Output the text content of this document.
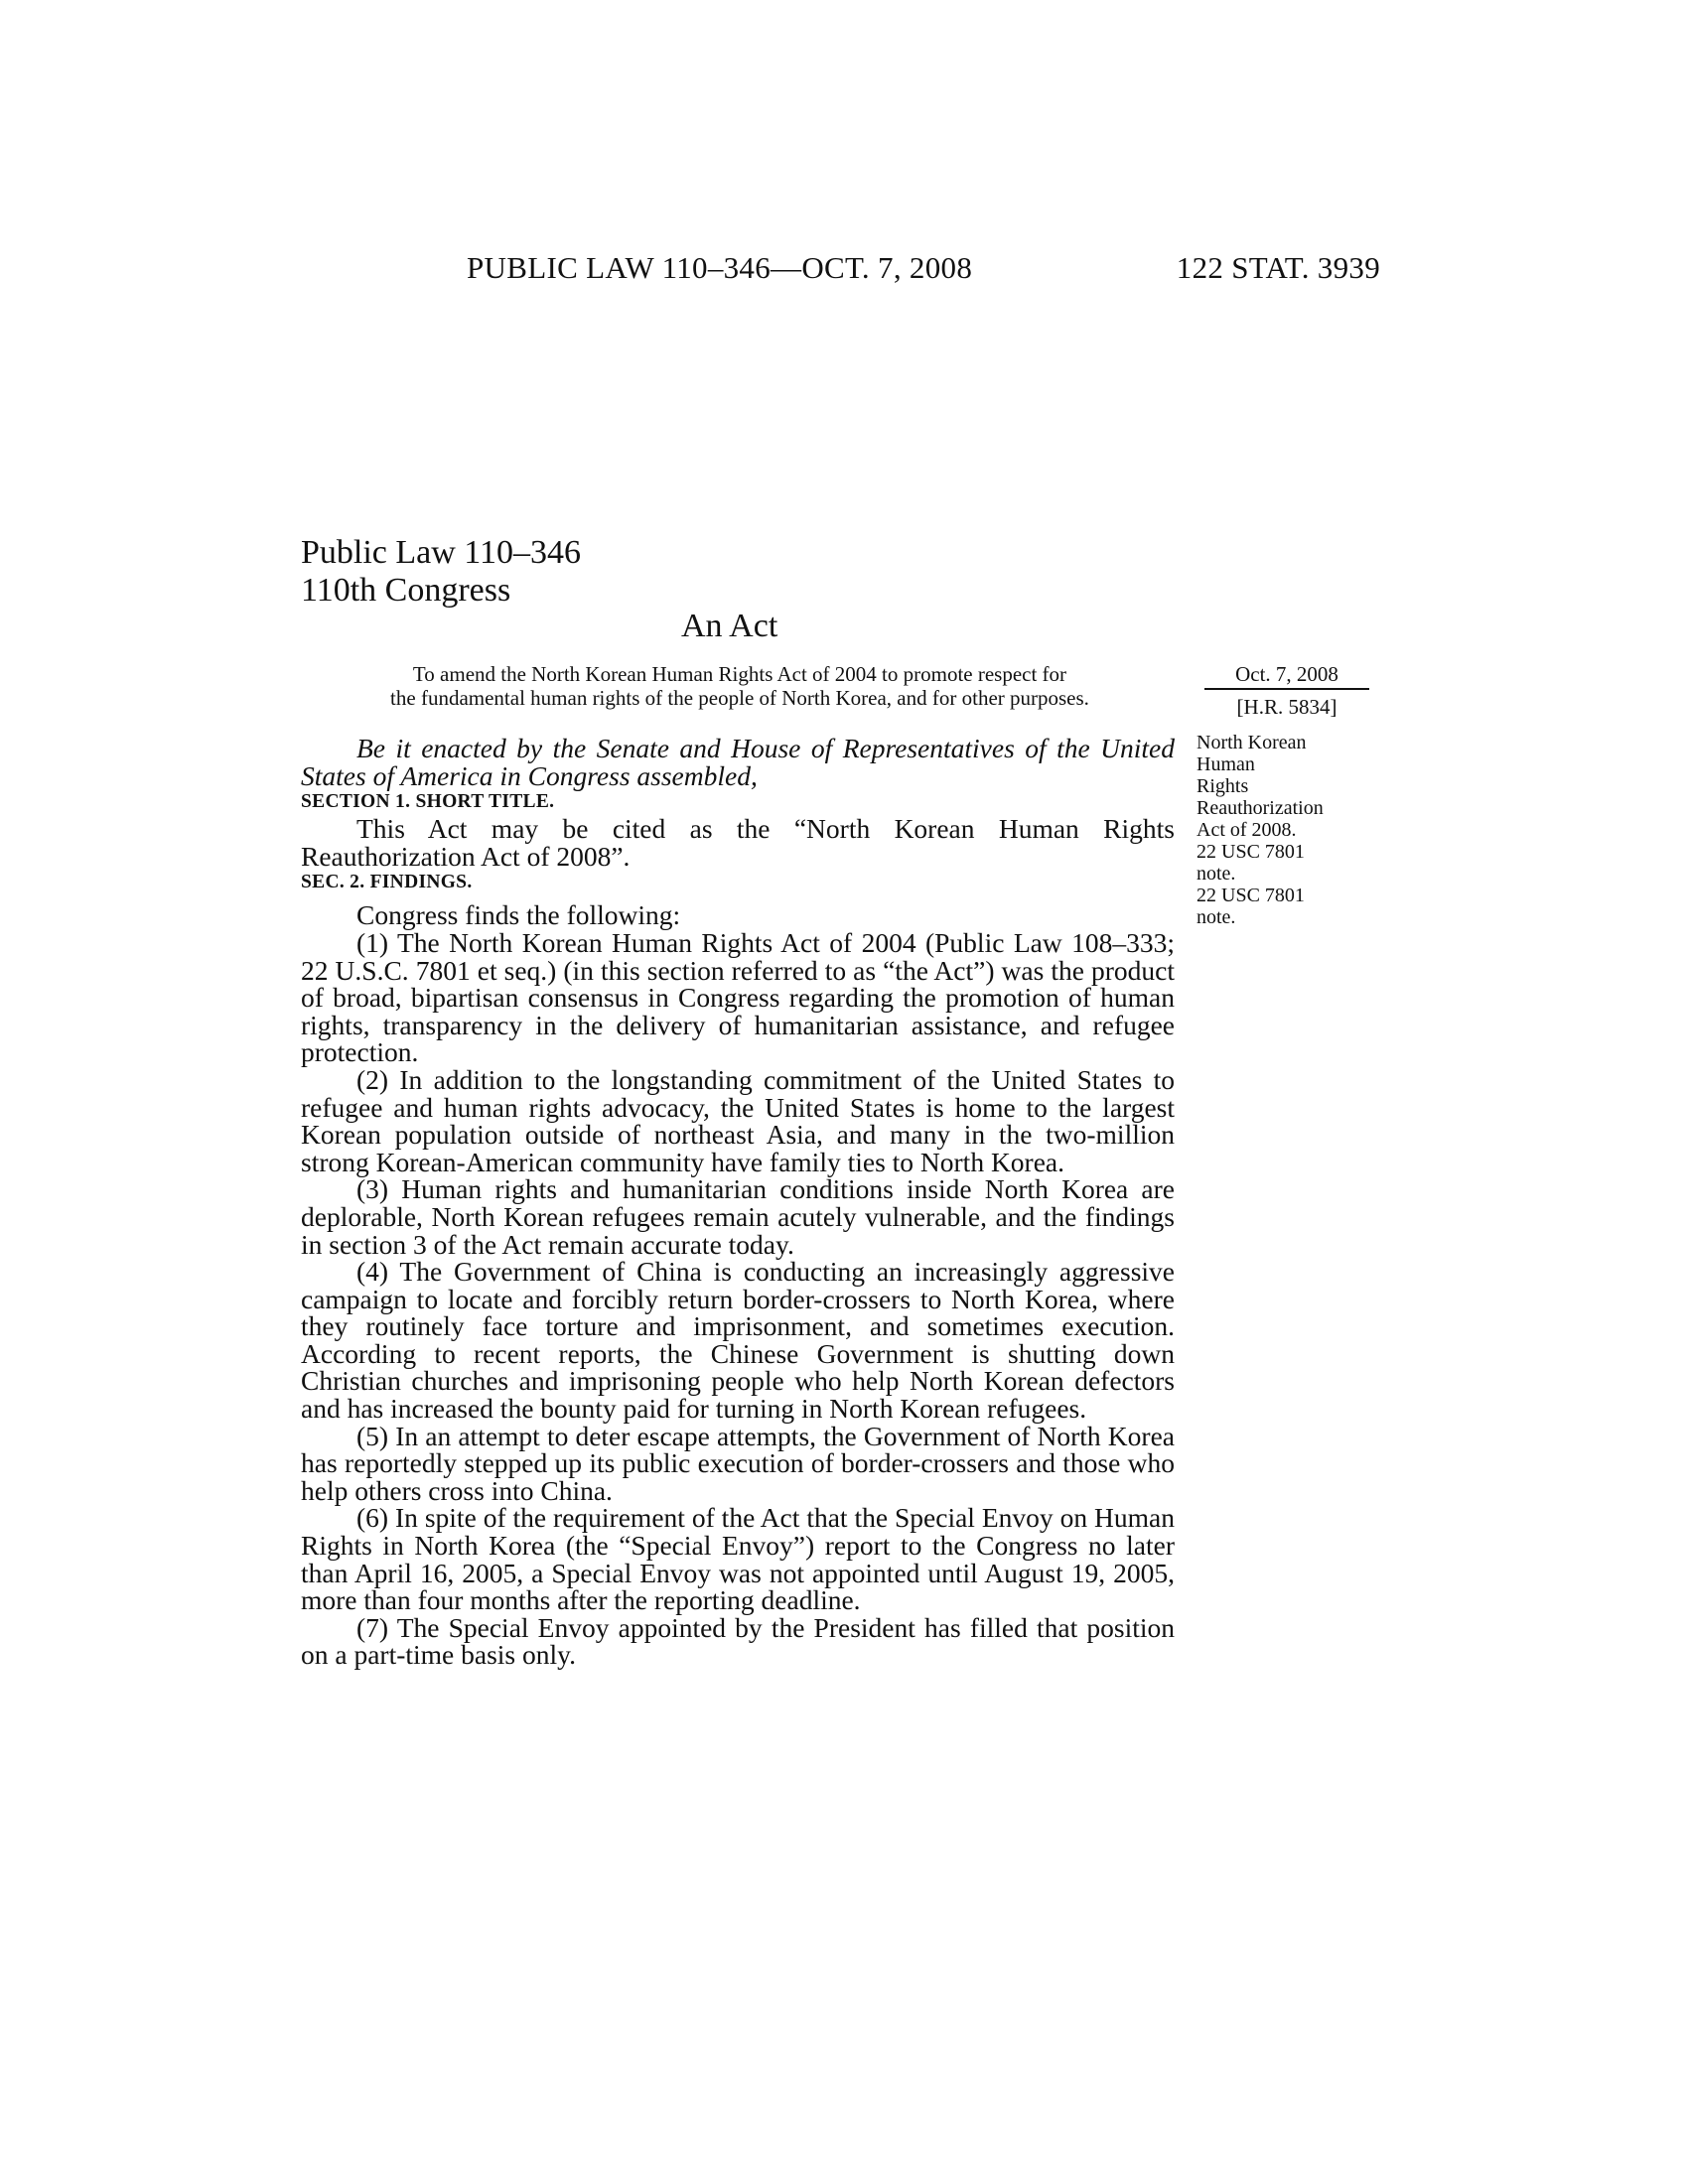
PUBLIC LAW 110–346—OCT. 7, 2008	122 STAT. 3939
Public Law 110–346
110th Congress
An Act
To amend the North Korean Human Rights Act of 2004 to promote respect for
the fundamental human rights of the people of North Korea, and for other purposes.
Oct. 7, 2008
[H.R. 5834]

Be it enacted by the Senate and House of Representatives of the United States of America in Congress assembled,

SECTION 1. SHORT TITLE.

This Act may be cited as the “North Korean Human Rights Reauthorization Act of 2008”.

SEC. 2. FINDINGS.

Congress finds the following:

(1) The North Korean Human Rights Act of 2004 (Public Law 108–333; 22 U.S.C. 7801 et seq.) (in this section referred to as “the Act”) was the product of broad, bipartisan consensus in Congress regarding the promotion of human rights, transparency in the delivery of humanitarian assistance, and refugee protection.

(2) In addition to the longstanding commitment of the United States to refugee and human rights advocacy, the United States is home to the largest Korean population outside of northeast Asia, and many in the two-million strong Korean-American community have family ties to North Korea.

(3) Human rights and humanitarian conditions inside North Korea are deplorable, North Korean refugees remain acutely vulnerable, and the findings in section 3 of the Act remain accurate today.

(4) The Government of China is conducting an increasingly aggressive campaign to locate and forcibly return border-crossers to North Korea, where they routinely face torture and imprisonment, and sometimes execution. According to recent reports, the Chinese Government is shutting down Christian churches and imprisoning people who help North Korean defectors and has increased the bounty paid for turning in North Korean refugees.

(5) In an attempt to deter escape attempts, the Government of North Korea has reportedly stepped up its public execution of border-crossers and those who help others cross into China.

(6) In spite of the requirement of the Act that the Special Envoy on Human Rights in North Korea (the “Special Envoy”) report to the Congress no later than April 16, 2005, a Special Envoy was not appointed until August 19, 2005, more than four months after the reporting deadline.

(7) The Special Envoy appointed by the President has filled that position on a part-time basis only.

North Korean
Human
Rights
Reauthorization
Act of 2008.
22 USC 7801
note.
22 USC 7801
note.
